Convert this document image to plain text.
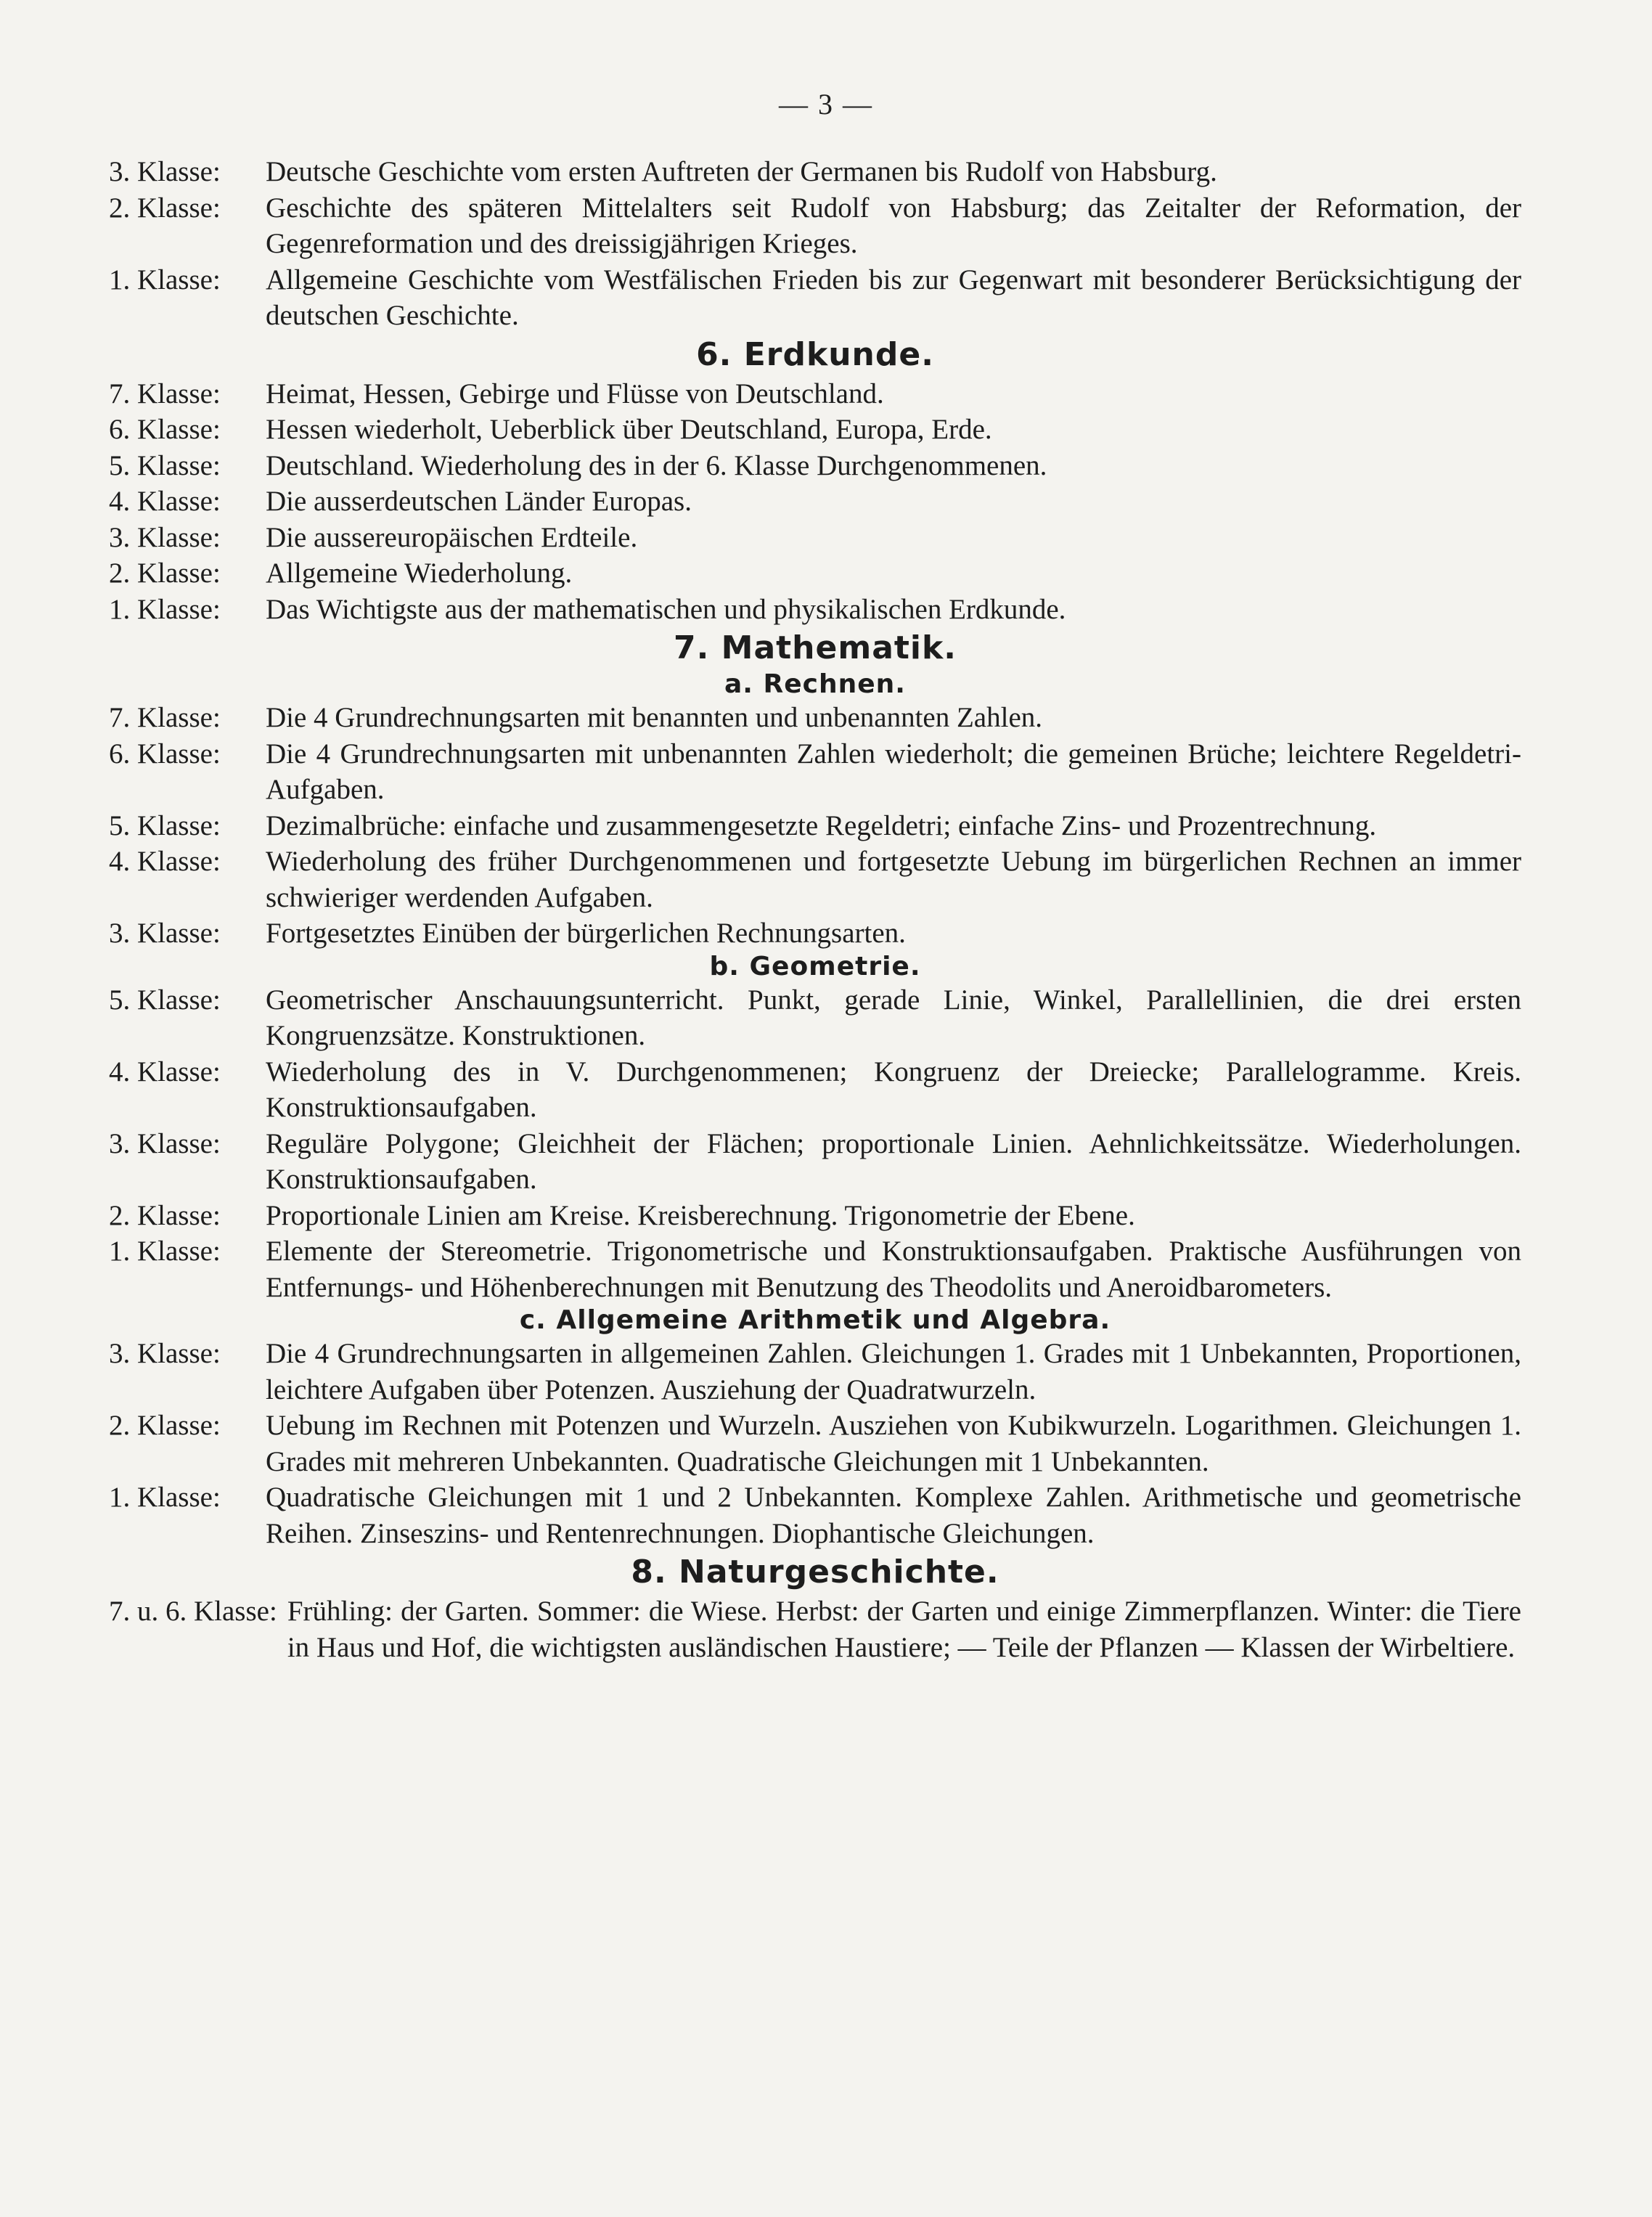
— 3 —
3. Klasse:	Deutsche Geschichte vom ersten Auftreten der Germanen bis Rudolf von Habsburg.
2. Klasse:	Geschichte des späteren Mittelalters seit Rudolf von Habsburg; das Zeitalter der Reformation, der Gegenreformation und des dreissigjährigen Krieges.
1. Klasse:	Allgemeine Geschichte vom Westfälischen Frieden bis zur Gegenwart mit besonderer Berücksichtigung der deutschen Geschichte.
6. Erdkunde.
7. Klasse:	Heimat, Hessen, Gebirge und Flüsse von Deutschland.
6. Klasse:	Hessen wiederholt, Ueberblick über Deutschland, Europa, Erde.
5. Klasse:	Deutschland. Wiederholung des in der 6. Klasse Durchgenommenen.
4. Klasse:	Die ausserdeutschen Länder Europas.
3. Klasse:	Die aussereuropäischen Erdteile.
2. Klasse:	Allgemeine Wiederholung.
1. Klasse:	Das Wichtigste aus der mathematischen und physikalischen Erdkunde.
7. Mathematik.
a. Rechnen.
7. Klasse:	Die 4 Grundrechnungsarten mit benannten und unbenannten Zahlen.
6. Klasse:	Die 4 Grundrechnungsarten mit unbenannten Zahlen wiederholt; die gemeinen Brüche; leichtere Regeldetri-Aufgaben.
5. Klasse:	Dezimalbrüche: einfache und zusammengesetzte Regeldetri; einfache Zins- und Prozentrechnung.
4. Klasse:	Wiederholung des früher Durchgenommenen und fortgesetzte Uebung im bürgerlichen Rechnen an immer schwieriger werdenden Aufgaben.
3. Klasse:	Fortgesetztes Einüben der bürgerlichen Rechnungsarten.
b. Geometrie.
5. Klasse:	Geometrischer Anschauungsunterricht. Punkt, gerade Linie, Winkel, Parallellinien, die drei ersten Kongruenzsätze. Konstruktionen.
4. Klasse:	Wiederholung des in V. Durchgenommenen; Kongruenz der Dreiecke; Parallelogramme. Kreis. Konstruktionsaufgaben.
3. Klasse:	Reguläre Polygone; Gleichheit der Flächen; proportionale Linien. Aehnlichkeitssätze. Wiederholungen. Konstruktionsaufgaben.
2. Klasse:	Proportionale Linien am Kreise. Kreisberechnung. Trigonometrie der Ebene.
1. Klasse:	Elemente der Stereometrie. Trigonometrische und Konstruktionsaufgaben. Praktische Ausführungen von Entfernungs- und Höhenberechnungen mit Benutzung des Theodolits und Aneroidbarometers.
c. Allgemeine Arithmetik und Algebra.
3. Klasse:	Die 4 Grundrechnungsarten in allgemeinen Zahlen. Gleichungen 1. Grades mit 1 Unbekannten, Proportionen, leichtere Aufgaben über Potenzen. Ausziehung der Quadratwurzeln.
2. Klasse:	Uebung im Rechnen mit Potenzen und Wurzeln. Ausziehen von Kubikwurzeln. Logarithmen. Gleichungen 1. Grades mit mehreren Unbekannten. Quadratische Gleichungen mit 1 Unbekannten.
1. Klasse:	Quadratische Gleichungen mit 1 und 2 Unbekannten. Komplexe Zahlen. Arithmetische und geometrische Reihen. Zinseszins- und Rentenrechnungen. Diophantische Gleichungen.
8. Naturgeschichte.
7. u. 6. Klasse: Frühling: der Garten. Sommer: die Wiese. Herbst: der Garten und einige Zimmerpflanzen. Winter: die Tiere in Haus und Hof, die wichtigsten ausländischen Haustiere; — Teile der Pflanzen — Klassen der Wirbeltiere.
